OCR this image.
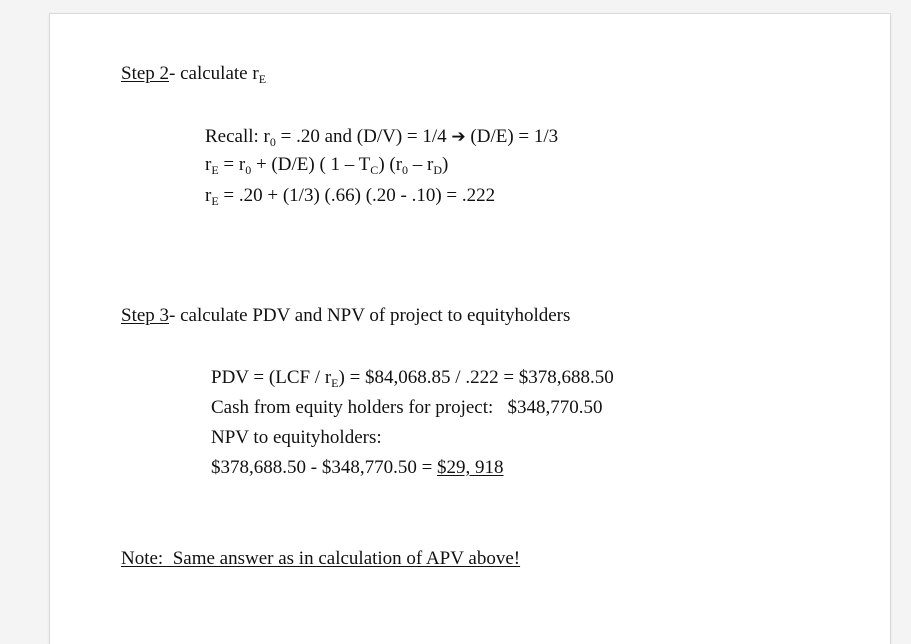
Step 2- calculate $r_E$
Recall: $r_0 = .20$ and (D/V) = 1/4 ➔ (D/E) = 1/3
$r_E = r_0 + (D/E)$ ( $1 - T_C$) $(r_0 - r_D)$
$r_E = .20 + (1/3)$ (.66) (.20 - .10) = .222
Step 3- calculate PDV and NPV of project to equityholders
PDV = $(LCF / r_E)$ = $84,068.85 / .222 = $378,688.50
Cash from equity holders for project:   $348,770.50
NPV to equityholders:
$378,688.50 - $348,770.50 = $29, 918
Note:  Same answer as in calculation of APV above!
